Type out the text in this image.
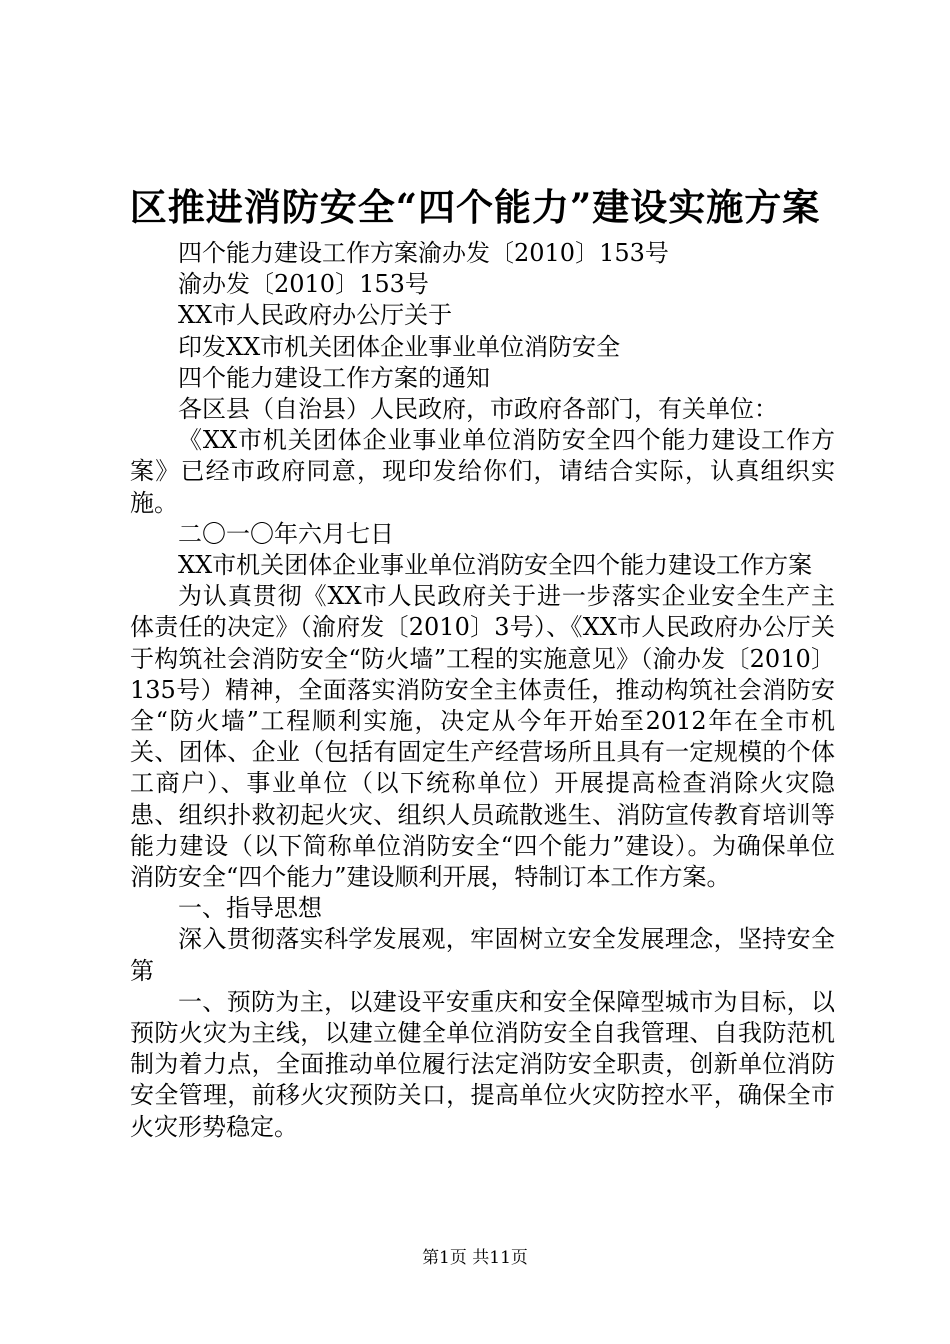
区推进消防安全“四个能力”建设实施方案

四个能力建设工作方案渝办发〔2010〕153号

渝办发〔2010〕153号

XX市人民政府办公厅关于

印发XX市机关团体企业事业单位消防安全

四个能力建设工作方案的通知

各区县（自治县）人民政府，市政府各部门，有关单位：

《XX市机关团体企业事业单位消防安全四个能力建设工作方案》已经市政府同意，现印发给你们，请结合实际，认真组织实施。

二〇一〇年六月七日

XX市机关团体企业事业单位消防安全四个能力建设工作方案

为认真贯彻《XX市人民政府关于进一步落实企业安全生产主体责任的决定》（渝府发〔2010〕3号）、《XX市人民政府办公厅关于构筑社会消防安全“防火墙”工程的实施意见》（渝办发〔2010〕135号）精神，全面落实消防安全主体责任，推动构筑社会消防安全“防火墙”工程顺利实施，决定从今年开始至2012年在全市机关、团体、企业（包括有固定生产经营场所且具有一定规模的个体工商户）、事业单位（以下统称单位）开展提高检查消除火灾隐患、组织扑救初起火灾、组织人员疏散逃生、消防宣传教育培训等能力建设（以下简称单位消防安全“四个能力”建设）。为确保单位消防安全“四个能力”建设顺利开展，特制订本工作方案。

一、指导思想

深入贯彻落实科学发展观，牢固树立安全发展理念，坚持安全第

一、预防为主，以建设平安重庆和安全保障型城市为目标，以预防火灾为主线，以建立健全单位消防安全自我管理、自我防范机制为着力点，全面推动单位履行法定消防安全职责，创新单位消防安全管理，前移火灾预防关口，提高单位火灾防控水平，确保全市火灾形势稳定。

第1页 共11页
